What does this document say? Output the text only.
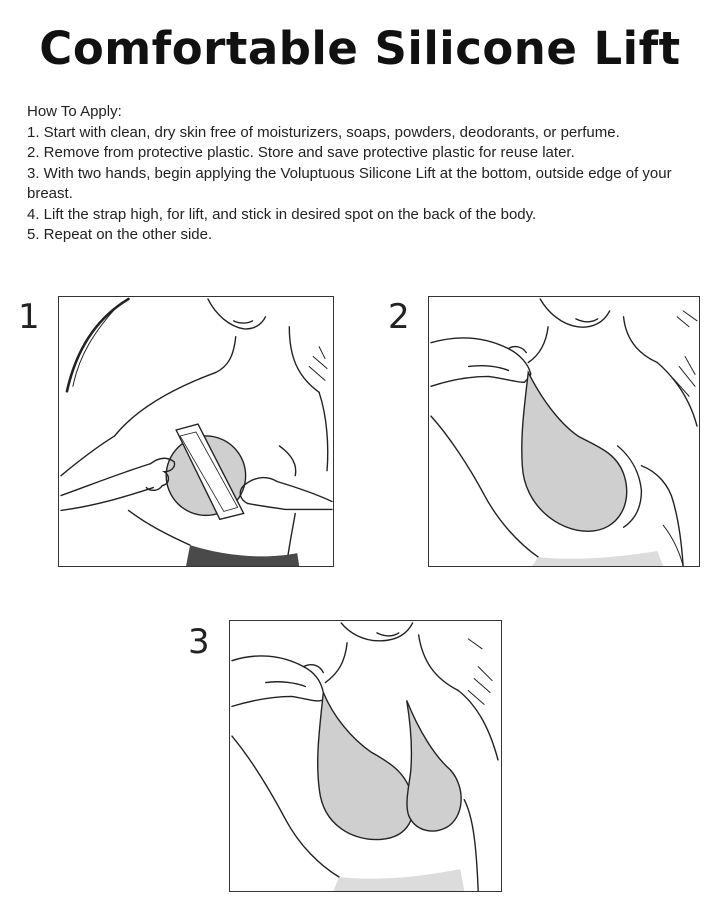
Comfortable Silicone Lift
How To Apply:
1. Start with clean, dry skin free of moisturizers, soaps, powders, deodorants, or perfume.
2. Remove from protective plastic. Store and save protective plastic for reuse later.
3. With two hands, begin applying the Voluptuous Silicone Lift at the bottom, outside edge of your breast.
4. Lift the strap high, for lift, and stick in desired spot on the back of the body.
5. Repeat on the other side.
1	2
3
